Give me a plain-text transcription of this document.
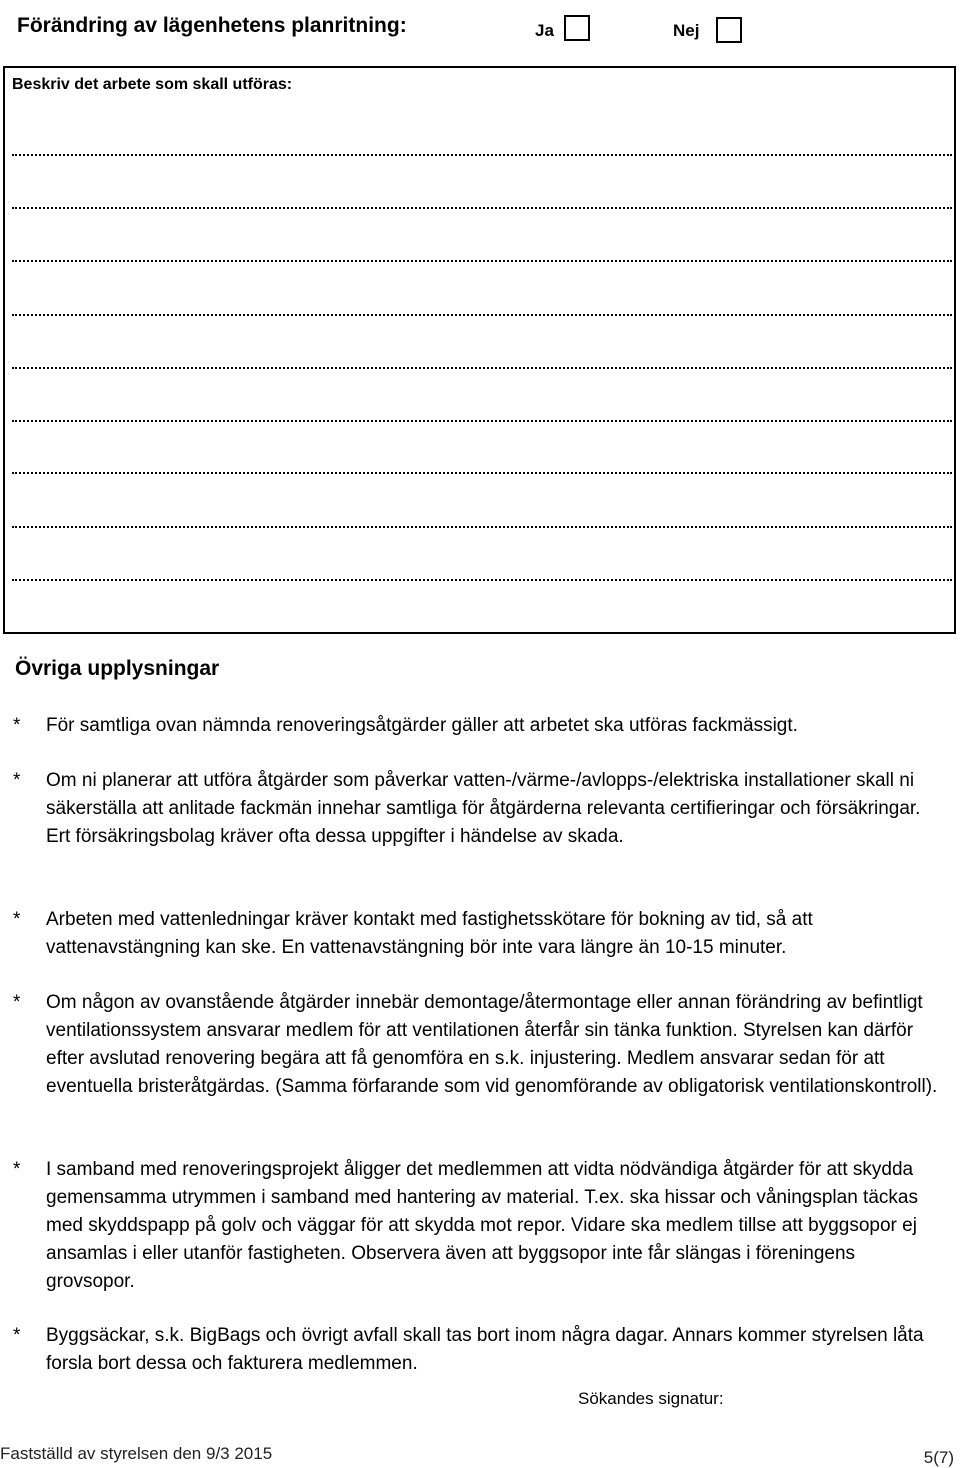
Förändring av lägenhetens planritning:	Ja	Nej
Beskriv det arbete som skall utföras:
Övriga upplysningar
*	För samtliga ovan nämnda renoveringsåtgärder gäller att arbetet ska utföras fackmässigt.
*	Om ni planerar att utföra åtgärder som påverkar vatten-/värme-/avlopps-/elektriska installationer skall ni säkerställa att anlitade fackmän innehar samtliga för åtgärderna relevanta certifieringar och försäkringar. Ert försäkringsbolag kräver ofta dessa uppgifter i händelse av skada.
*	Arbeten med vattenledningar kräver kontakt med fastighetsskötare för bokning av tid, så att vattenavstängning kan ske. En vattenavstängning bör inte vara längre än 10-15 minuter.
*	Om någon av ovanstående åtgärder innebär demontage/återmontage eller annan förändring av befintligt ventilationssystem ansvarar medlem för att ventilationen återfår sin tänka funktion. Styrelsen kan därför efter avslutad renovering begära att få genomföra en s.k. injustering. Medlem ansvarar sedan för att eventuella bristeråtgärdas. (Samma förfarande som vid genomförande av obligatorisk ventilationskontroll).
*	I samband med renoveringsprojekt åligger det medlemmen att vidta nödvändiga åtgärder för att skydda gemensamma utrymmen i samband med hantering av material. T.ex. ska hissar och våningsplan täckas med skyddspapp på golv och väggar för att skydda mot repor. Vidare ska medlem tillse att byggsopor ej ansamlas i eller utanför fastigheten. Observera även att byggsopor inte får slängas i föreningens grovsopor.
*	Byggsäckar, s.k. BigBags och övrigt avfall skall tas bort inom några dagar. Annars kommer styrelsen låta forsla bort dessa och fakturera medlemmen.
Sökandes signatur:
Fastställd av styrelsen den 9/3 2015	5(7)
